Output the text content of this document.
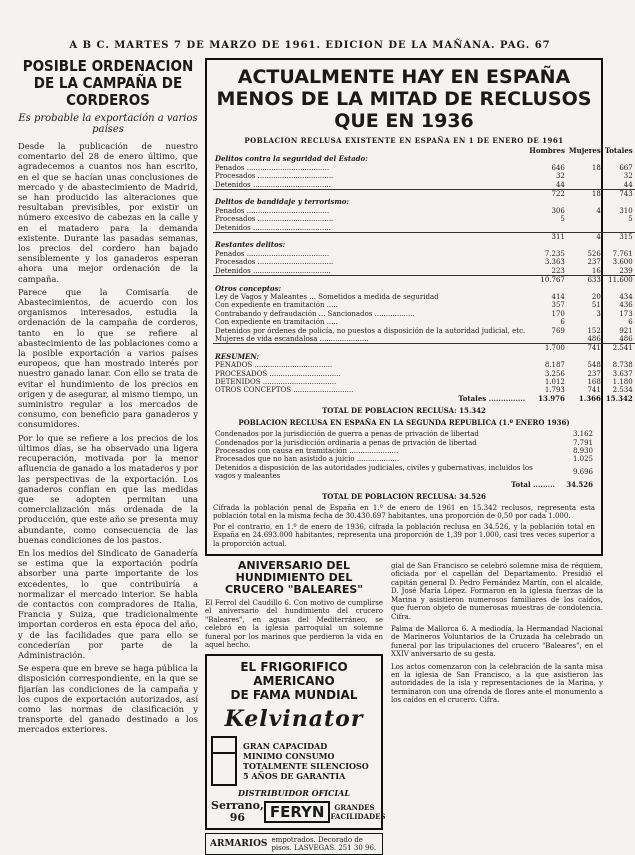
A B C. MARTES 7 DE MARZO DE 1961. EDICION DE LA MAÑANA. PAG. 67
POSIBLE ORDENACION DE LA CAMPAÑA DE CORDEROS
Es probable la exportación a varios países

Desde la publicación de nuestro comentario del 28 de enero último, que agradecemos a cuantos nos han escrito, en el que se hacían unas conclusiones de mercado y de abastecimiento de Madrid, se han producido las alteraciones que resultaban previsibles, por existir un número excesivo de cabezas en la calle y en el matadero para la demanda existente. Durante las pasadas semanas, los precios del cordero han bajado sensiblemente y los ganaderos esperan ahora una mejor ordenación de la campaña.

Parece que la Comisaría de Abastecimientos, de acuerdo con los organismos interesados, estudia la ordenación de la campaña de corderos, tanto en lo que se refiere al abastecimiento de las poblaciones como a la posible exportación a varios países europeos, que han mostrado interés por nuestro ganado lanar. Con ello se trata de evitar el hundimiento de los precios en origen y de asegurar, al mismo tiempo, un suministro regular a los mercados de consumo, con beneficio para ganaderos y consumidores.

Por lo que se refiere a los precios de los últimos días, se ha observado una ligera recuperación, motivada por la menor afluencia de ganado a los mataderos y por las perspectivas de la exportación. Los ganaderos confían en que las medidas que se adopten permitan una comercialización más ordenada de la producción, que este año se presenta muy abundante, como consecuencia de las buenas condiciones de los pastos.

En los medios del Sindicato de Ganadería se estima que la exportación podría absorber una parte importante de los excedentes, lo que contribuiría a normalizar el mercado interior. Se habla de contactos con compradores de Italia, Francia y Suiza, que tradicionalmente importan corderos en esta época del año, y de las facilidades que para ello se concederían por parte de la Administración.

Se espera que en breve se haga pública la disposición correspondiente, en la que se fijarían las condiciones de la campaña y los cupos de exportación autorizados, así como las normas de clasificación y transporte del ganado destinado a los mercados exteriores.

ACTUALMENTE HAY EN ESPAÑA MENOS DE LA MITAD DE RECLUSOS QUE EN 1936
POBLACION RECLUSA EXISTENTE EN ESPAÑA EN 1 DE ENERO DE 1961
	Hombres	Mujeres	Totales
Delitos contra la seguridad del Estado:			
Penados .....................................	646	18	667
Procesados ..................................	32		32
Detenidos ...................................	44		44
	722	18	743
Delitos de bandidaje y terrorismo:			
Penados .....................................	306	4	310
Procesados ..................................	5		5
Detenidos ...................................			
	311	4	315
Restantes delitos:			
Penados .....................................	7.235	526	7.761
Procesados ..................................	3.363	237	3.600
Detenidos ...................................	223	16	239
	10.767	633	11.600
Otros conceptos:			
Ley de Vagos y Maleantes ... Sometidos a medida de seguridad	414	20	434
Con expediente en tramitación .....	357	51	436
Contrabando y defraudación ... Sancionados ..................	170	3	173
Con expediente en tramitación .....	6		6
Detenidos por órdenes de policía, no puestos a disposición de la autoridad judicial, etc.	769	152	921
Mujeres de vida escandalosa ......................		486	486
	1.700	741	2.541
RESUMEN:			
PENADOS ...................................	8.187	548	8.738
PROCESADOS ................................	3.256	237	3.637
DETENIDOS .................................	1.012	168	1.180
OTROS CONCEPTOS ...........................	1.793	741	2.534
Totales ...............	13.976	1.366	15.342
TOTAL DE POBLACION RECLUSA: 15.342
POBLACION RECLUSA EN ESPAÑA EN LA SEGUNDA REPUBLICA (1.º ENERO 1936)
Condenados por la jurisdicción de guerra a penas de privación de libertad	3.162
Condenados por la jurisdicción ordinaria a penas de privación de libertad	7.791
Procesados con causa en tramitación ......................	8.930
Procesados que no han asistido a juicio ...................	1.025
Detenidos a disposición de las autoridades judiciales, civiles y gubernativas, incluidos los vagos y maleantes	9.696
Total .........	34.526
TOTAL DE POBLACION RECLUSA: 34.526

Cifrada la población penal de España en 1.º de enero de 1961 en 15.342 reclusos, representa esta población total en la misma fecha de 30.430.697 habitantes, una proporción de 0,50 por cada 1.000.

Por el contrario, en 1.º de enero de 1936, cifrada la población reclusa en 34.526, y la población total en España en 24.693.000 habitantes, representa una proporción de 1,39 por 1.000, casi tres veces superior a la proporción actual.

ANIVERSARIO DEL HUNDIMIENTO DEL CRUCERO "BALEARES"

El Ferrol del Caudillo 6. Con motivo de cumplirse el aniversario del hundimiento del crucero "Baleares", en aguas del Mediterráneo, se celebró en la iglesia parroquial un solemne funeral por los marinos que perdieron la vida en aquel hecho.

EL FRIGORIFICO AMERICANO
DE FAMA MUNDIAL
Kelvinator
GRAN CAPACIDAD
MINIMO CONSUMO
TOTALMENTE SILENCIOSO
5 AÑOS DE GARANTIA
DISTRIBUIDOR OFICIAL
Serrano,
96	FERYN	GRANDES FACILIDADES
ARMARIOS empotrados. Decorado de pisos. LASVEGAS. 251 30 96.

gial de San Francisco se celebró solemne misa de réquiem, oficiada por el capellán del Departamento. Presidió el capitán general D. Pedro Fernández Martín, con el alcalde, D. José María López. Formaron en la iglesia fuerzas de la Marina y asistieron numerosos familiares de los caídos, que fueron objeto de numerosas muestras de condolencia. Cifra.

Palma de Mallorca 6. A mediodía, la Hermandad Nacional de Marineros Voluntarios de la Cruzada ha celebrado un funeral por las tripulaciones del crucero "Baleares", en el XXIV aniversario de su gesta.

Los actos comenzaron con la celebración de la santa misa en la iglesia de San Francisco, a la que asistieron las autoridades de la isla y representaciones de la Marina, y terminaron con una ofrenda de flores ante el monumento a los caídos en el crucero. Cifra.
